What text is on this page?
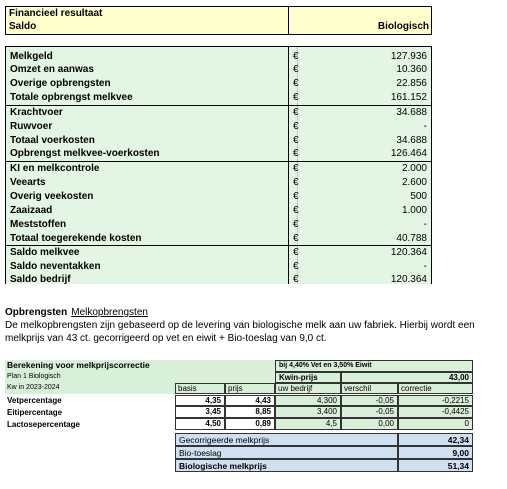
Financieel resultaat
Saldo	Biologisch
Melkgeld	€	127.936
Omzet en aanwas	€	10.360
Overige opbrengsten	€	22.856
Totale opbrengst melkvee	€	161.152
Krachtvoer	€	34.688
Ruwvoer	€	-
Totaal voerkosten	€	34.688
Opbrengst melkvee-voerkosten	€	126.464
KI en melkcontrole	€	2.000
Veearts	€	2.600
Overig veekosten	€	500
Zaaizaad	€	1.000
Meststoffen	€	-
Totaal toegerekende kosten	€	40.788
Saldo melkvee	€	120.364
Saldo neventakken	€	-
Saldo bedrijf	€	120.364
Opbrengsten Melkopbrengsten
De melkopbrengsten zijn gebaseerd op de levering van biologische melk aan uw fabriek. Hierbij wordt een melkprijs van 43 ct. gecorrigeerd op vet en eiwit + Bio-toeslag van 9,0 ct.
Berekening voor melkprijscorrectie
Plan 1 Biologisch
Kw in 2023-2024
bij 4,40% Vet en 3,50% Eiwit
Kwin-prijs	43,00
basis	prijs	uw bedrijf	verschil	correctie
Vetpercentage	4,35	4,43	4,300	-0,05	-0,2215
Eitipercentage	3,45	8,85	3,400	-0,05	-0,4425
Lactosepercentage	4,50	0,89	4,5	0,00	0
Gecorrigeerde melkprijs	42,34
Bio-toeslag	9,00
Biologische melkprijs	51,34
